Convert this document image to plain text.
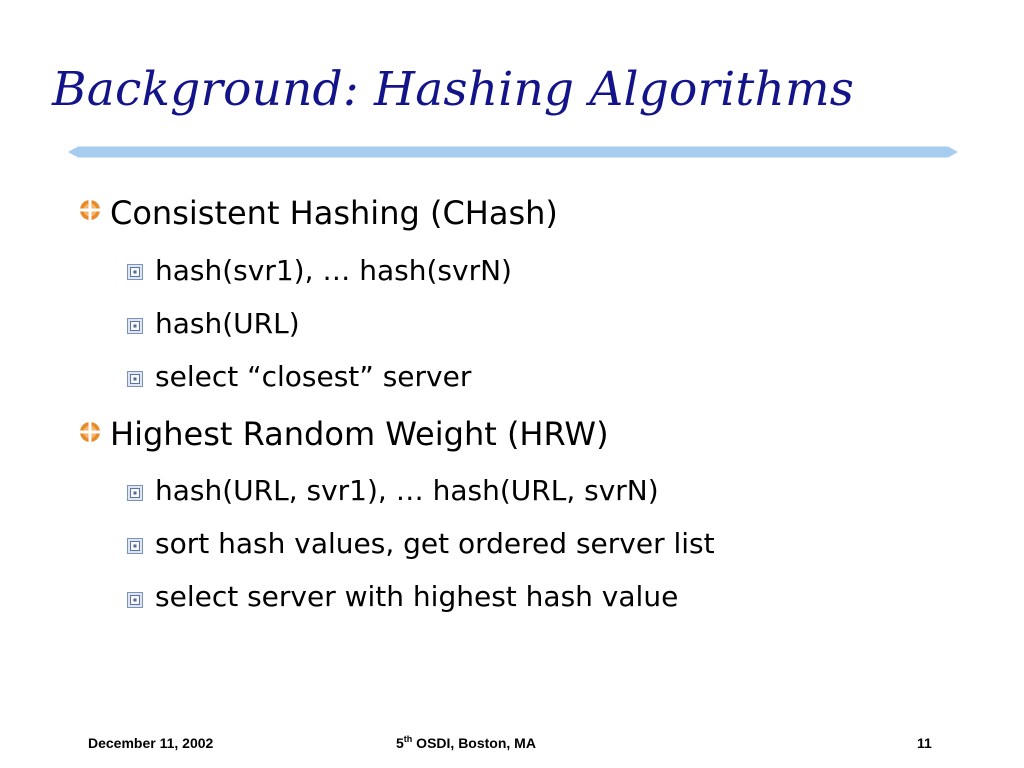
Background: Hashing Algorithms
Consistent Hashing (CHash)
hash(svr1), … hash(svrN)
hash(URL)
select “closest” server
Highest Random Weight (HRW)
hash(URL, svr1), … hash(URL, svrN)
sort hash values, get ordered server list
select server with highest hash value
December 11, 2002	5th OSDI, Boston, MA	11
